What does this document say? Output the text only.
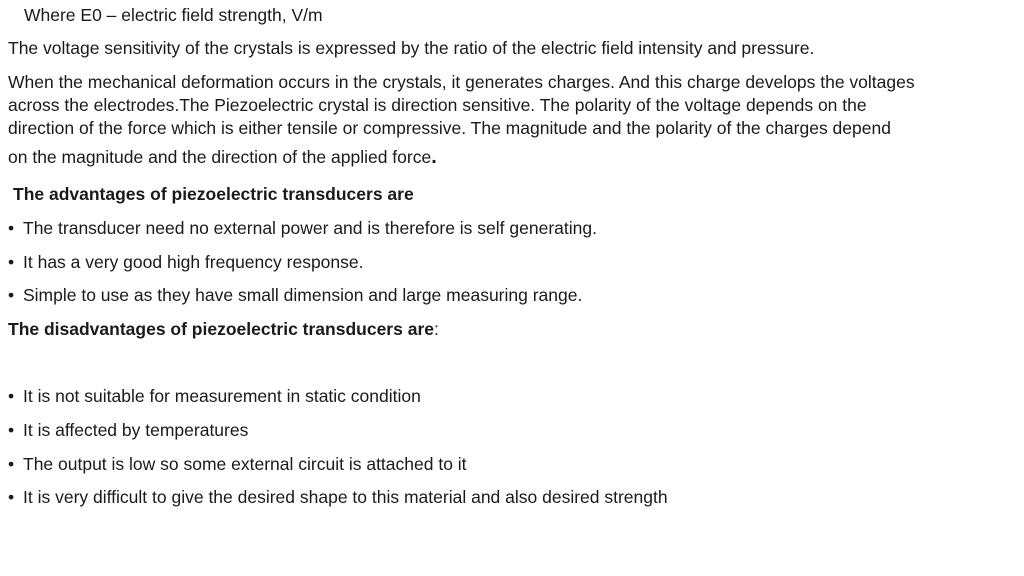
Where E0 – electric field strength, V/m
The voltage sensitivity of the crystals is expressed by the ratio of the electric field intensity and pressure.
When the mechanical deformation occurs in the crystals, it generates charges. And this charge develops the voltages
across the electrodes.The Piezoelectric crystal is direction sensitive. The polarity of the voltage depends on the
direction of the force which is either tensile or compressive. The magnitude and the polarity of the charges depend
on the magnitude and the direction of the applied force.
The advantages of piezoelectric transducers are
• The transducer need no external power and is therefore is self generating.
• It has a very good high frequency response.
• Simple to use as they have small dimension and large measuring range.
The disadvantages of piezoelectric transducers are:
• It is not suitable for measurement in static condition
• It is affected by temperatures
• The output is low so some external circuit is attached to it
• It is very difficult to give the desired shape to this material and also desired strength
